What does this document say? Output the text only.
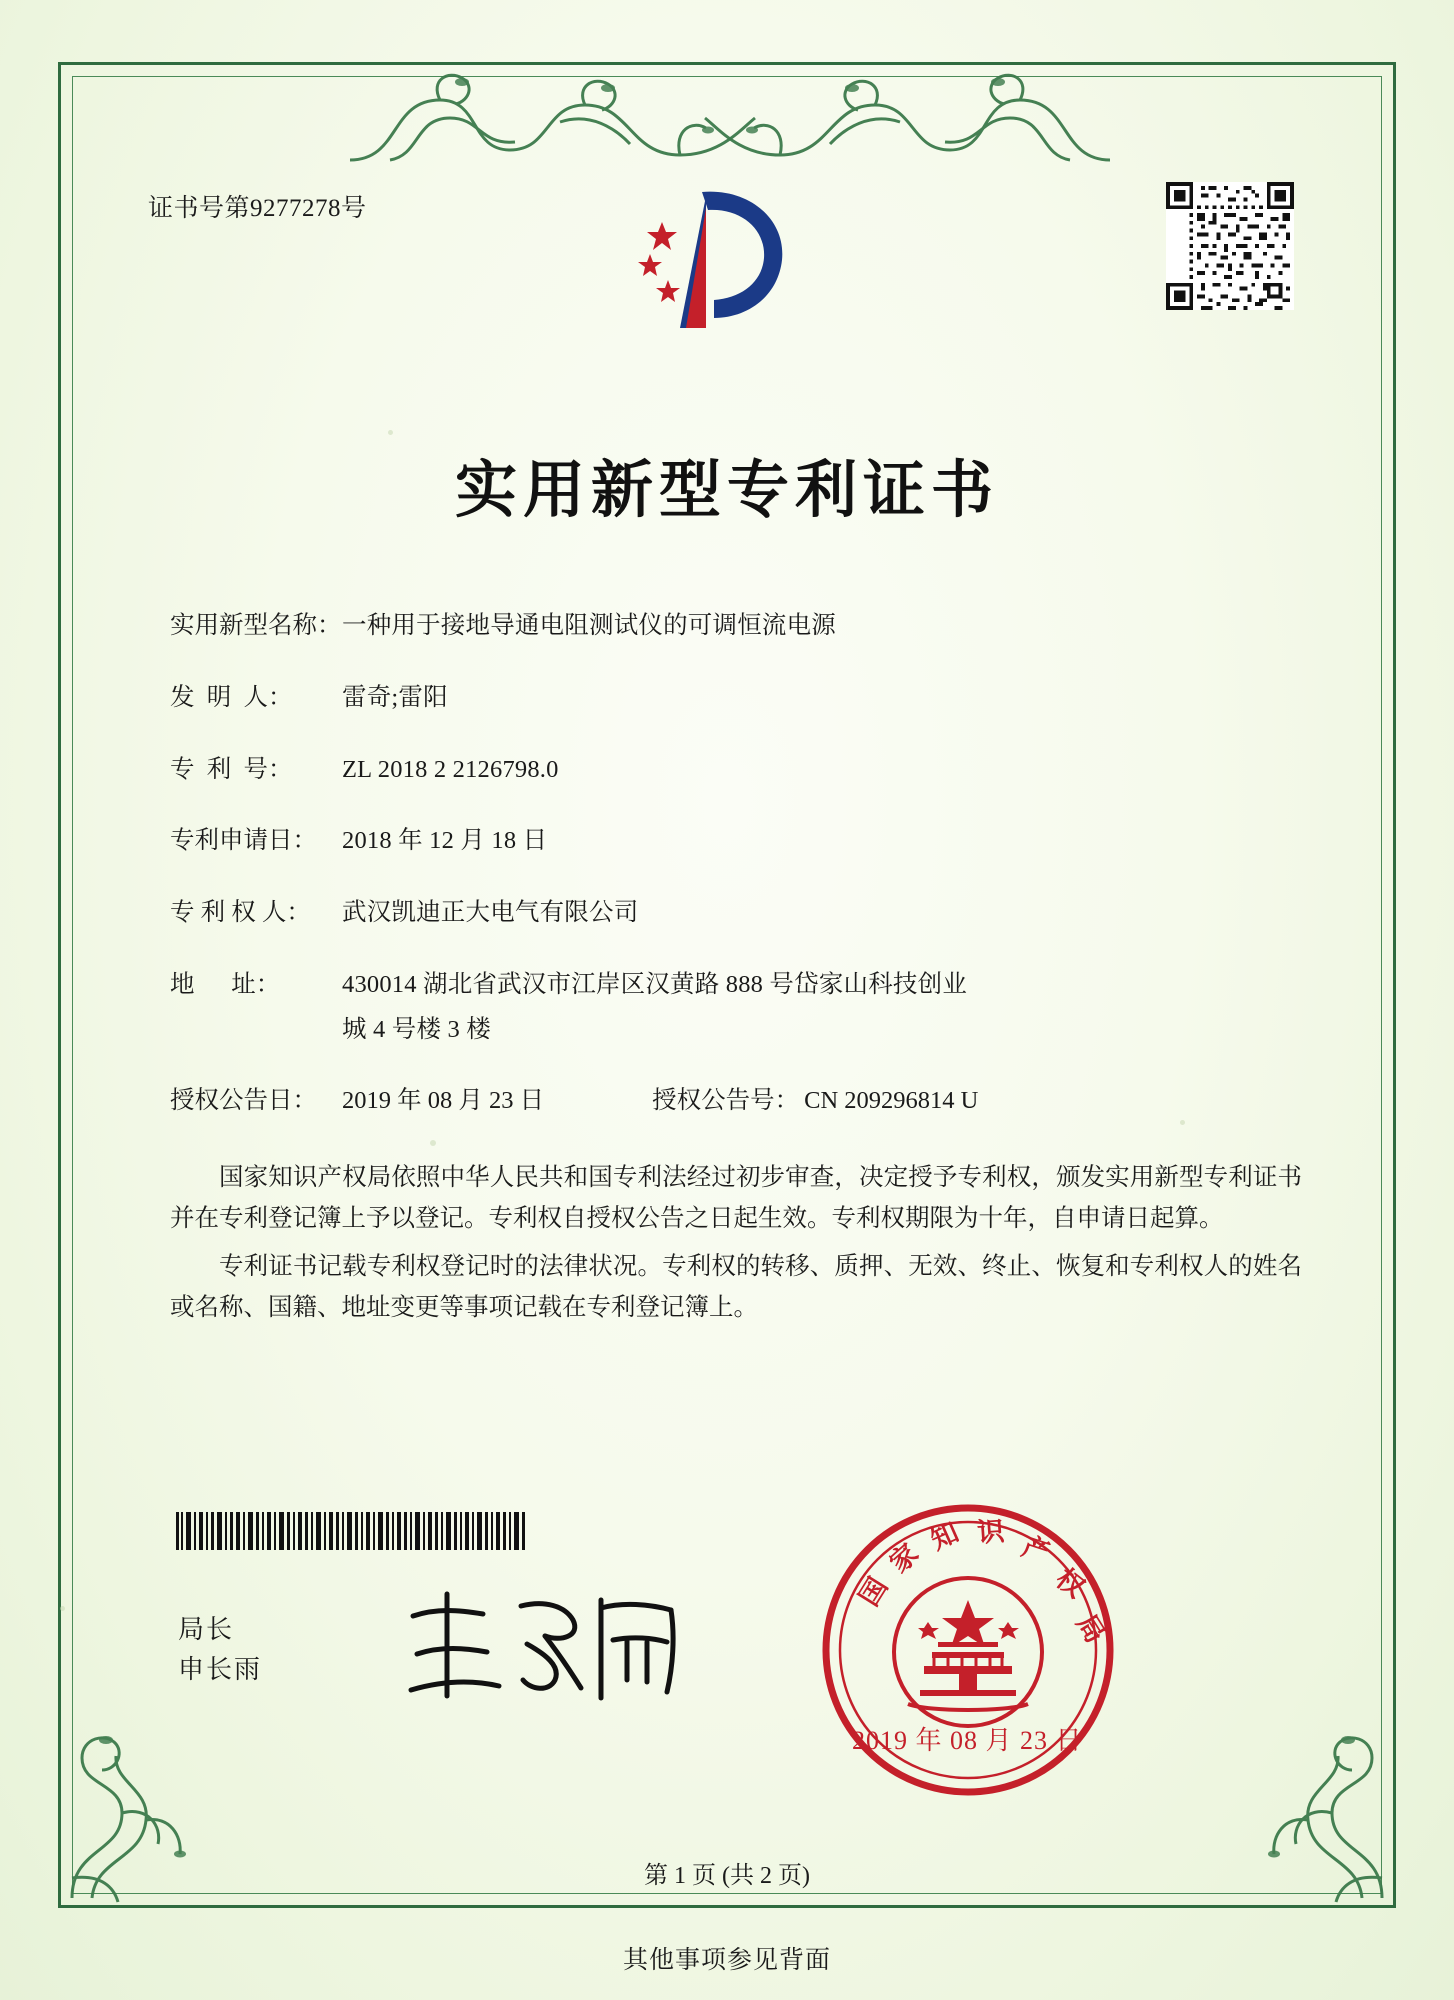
证书号第9277278号
实用新型专利证书
实用新型名称： 一种用于接地导通电阻测试仪的可调恒流电源
发  明  人：	雷奇;雷阳
专  利  号：	ZL 2018 2 2126798.0
专利申请日：	2018 年 12 月 18 日
专 利 权 人：	武汉凯迪正大电气有限公司
地      址：	430014 湖北省武汉市江岸区汉黄路 888 号岱家山科技创业
城 4 号楼 3 楼
授权公告日：	2019 年 08 月 23 日	授权公告号： CN 209296814 U

国家知识产权局依照中华人民共和国专利法经过初步审查，决定授予专利权，颁发实用新型专利证书并在专利登记簿上予以登记。专利权自授权公告之日起生效。专利权期限为十年，自申请日起算。

专利证书记载专利权登记时的法律状况。专利权的转移、质押、无效、终止、恢复和专利权人的姓名或名称、国籍、地址变更等事项记载在专利登记簿上。

局长
申长雨
国
家
知 识 产
权
局
2019 年 08 月 23 日
第 1 页 (共 2 页)
其他事项参见背面
